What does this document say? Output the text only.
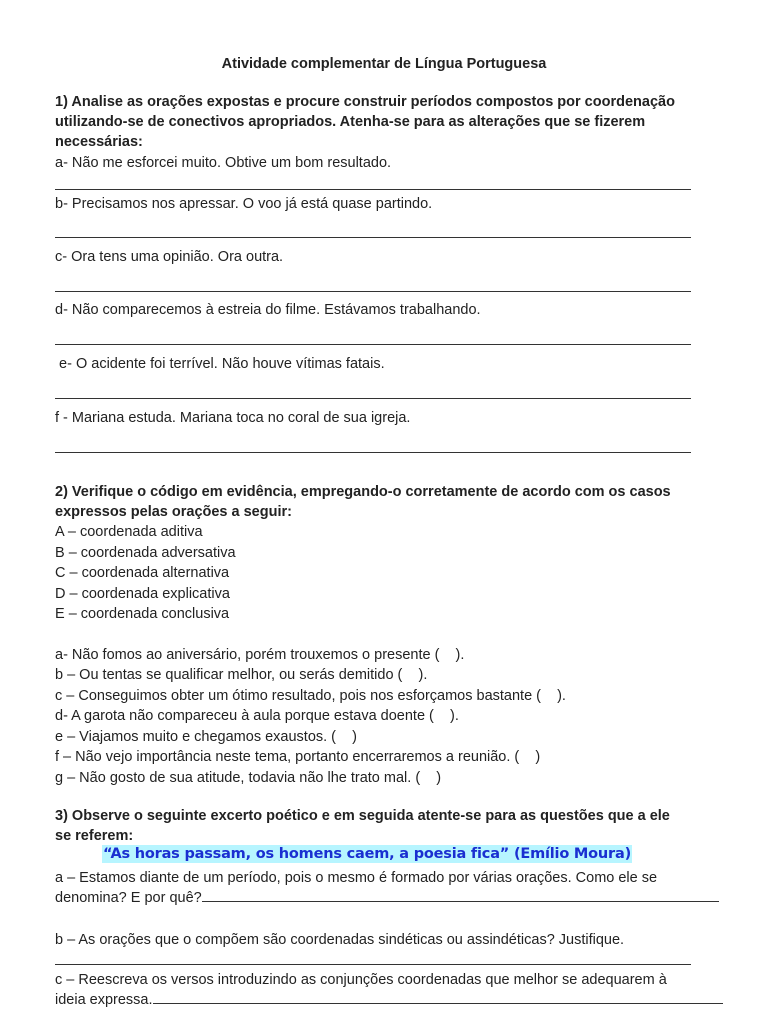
Atividade complementar de Língua Portuguesa
1) Analise as orações expostas e procure construir períodos compostos por coordenação
utilizando-se de conectivos apropriados. Atenha-se para as alterações que se fizerem
necessárias:
a- Não me esforcei muito. Obtive um bom resultado.
b- Precisamos nos apressar. O voo já está quase partindo.
c- Ora tens uma opinião. Ora outra.
d- Não comparecemos à estreia do filme. Estávamos trabalhando.
e- O acidente foi terrível. Não houve vítimas fatais.
f - Mariana estuda. Mariana toca no coral de sua igreja.
2) Verifique o código em evidência, empregando-o corretamente de acordo com os casos
expressos pelas orações a seguir:
A – coordenada aditiva
B – coordenada adversativa
C – coordenada alternativa
D – coordenada explicativa
E – coordenada conclusiva
a- Não fomos ao aniversário, porém trouxemos o presente (    ).
b – Ou tentas se qualificar melhor, ou serás demitido (    ).
c – Conseguimos obter um ótimo resultado, pois nos esforçamos bastante (    ).
d- A garota não compareceu à aula porque estava doente (    ).
e – Viajamos muito e chegamos exaustos. (    )
f – Não vejo importância neste tema, portanto encerraremos a reunião. (    )
g – Não gosto de sua atitude, todavia não lhe trato mal. (    )
3) Observe o seguinte excerto poético e em seguida atente-se para as questões que a ele
se referem:
“As horas passam, os homens caem, a poesia fica” (Emílio Moura)
a – Estamos diante de um período, pois o mesmo é formado por várias orações. Como ele se
denomina? E por quê?
b – As orações que o compõem são coordenadas sindéticas ou assindéticas? Justifique.
c – Reescreva os versos introduzindo as conjunções coordenadas que melhor se adequarem à
ideia expressa.
